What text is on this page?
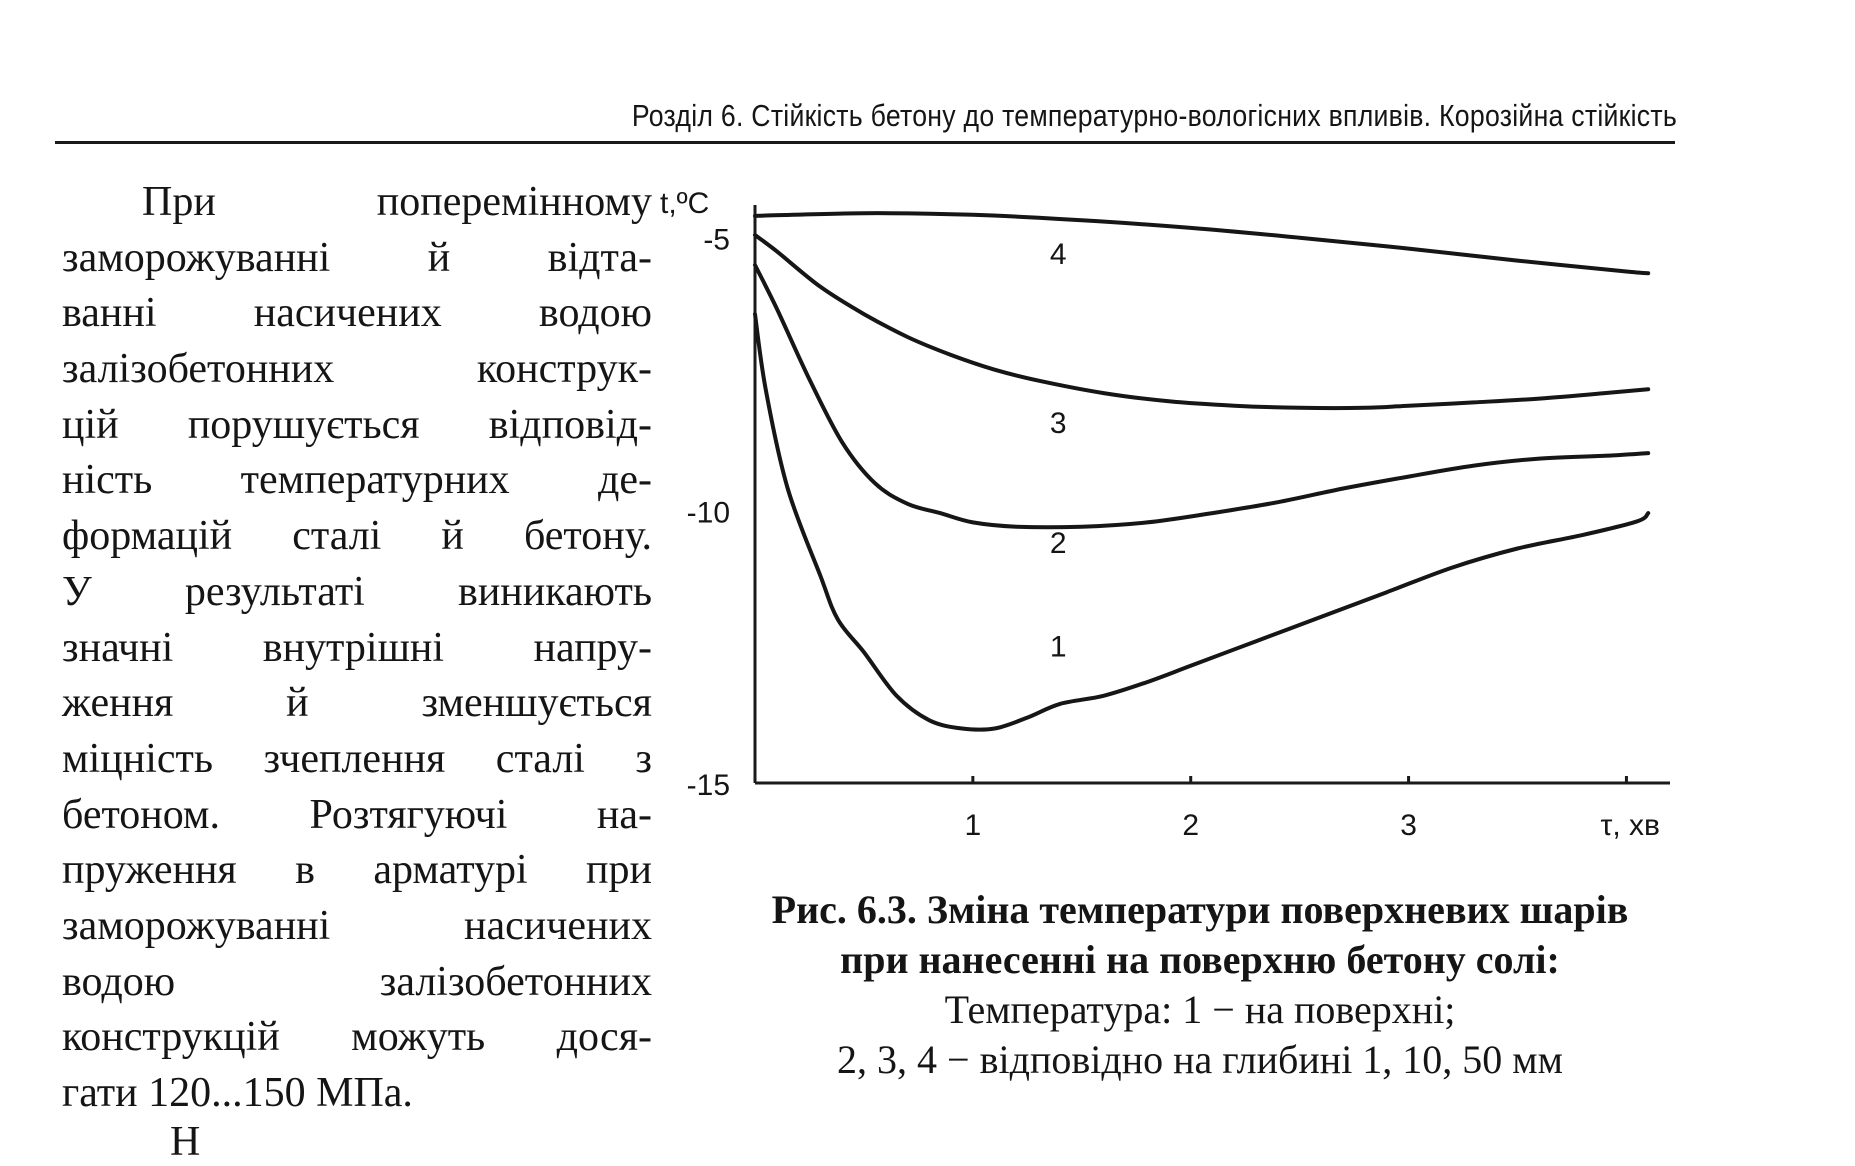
Розділ 6. Стійкість бетону до температурно-вологісних впливів. Корозійна стійкість
При поперемінному
заморожуванні й відта-
ванні насичених водою
залізобетонних конструк-
цій порушується відповід-
ність температурних де-
формацій сталі й бетону.
У результаті виникають
значні внутрішні напру-
ження й зменшується
міцність зчеплення сталі з
бетоном. Розтягуючі на-
пруження в арматурі при
заморожуванні насичених
водою залізобетонних
конструкцій можуть дося-
гати 120...150 МПа.
Н
1	2	3
-5
-10
-15
t,ºC
τ, хв
1
2
3
4
Рис. 6.3. Зміна температури поверхневих шарів
при нанесенні на поверхню бетону солі:
Температура: 1 − на поверхні;
2, 3, 4 − відповідно на глибині 1, 10, 50 мм
